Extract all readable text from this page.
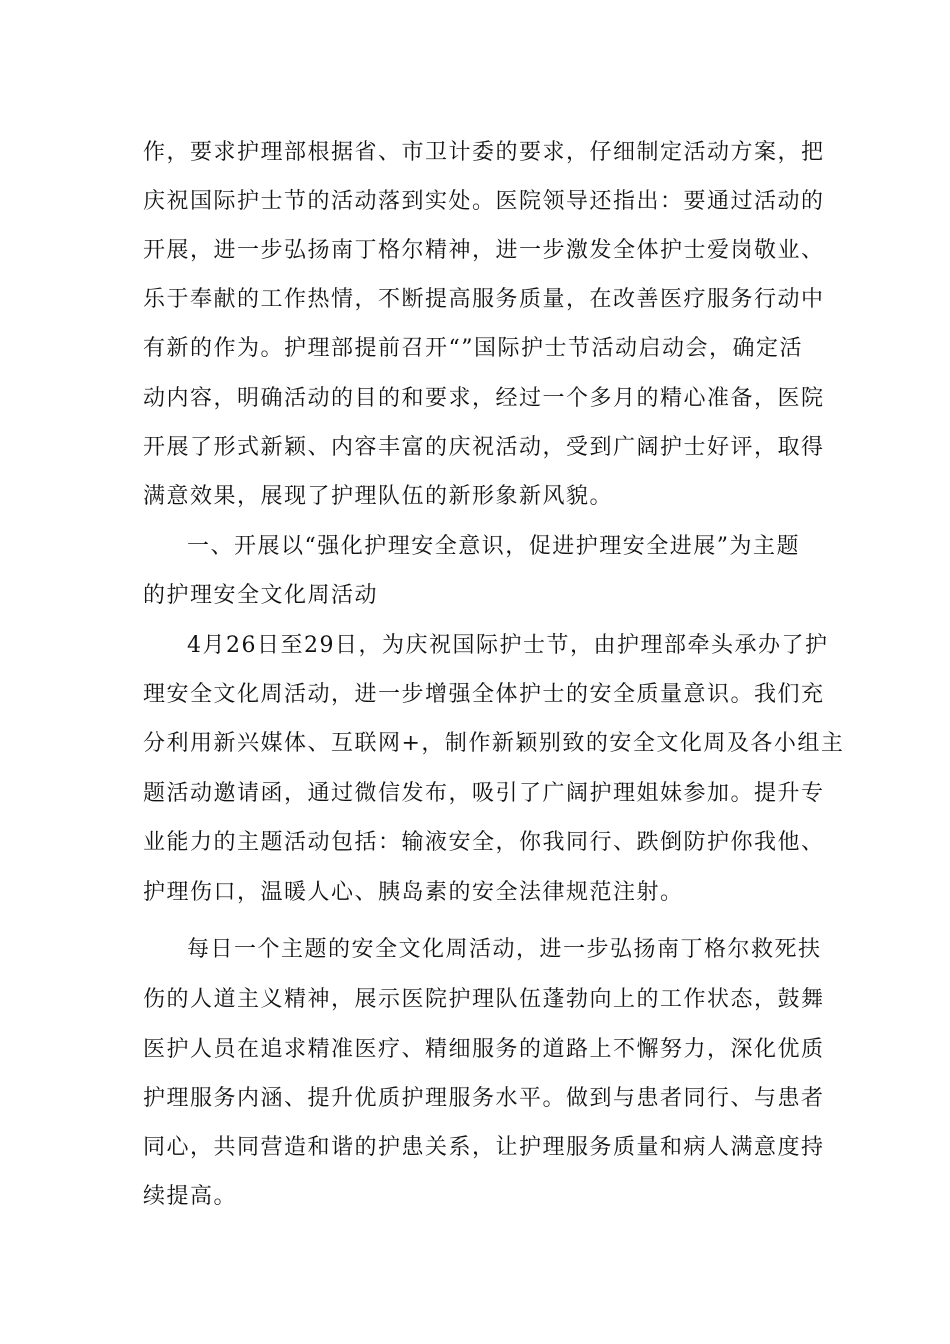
作，要求护理部根据省、市卫计委的要求，仔细制定活动方案，把
庆祝国际护士节的活动落到实处。医院领导还指出：要通过活动的
开展，进一步弘扬南丁格尔精神，进一步激发全体护士爱岗敬业、
乐于奉献的工作热情，不断提高服务质量，在改善医疗服务行动中
有新的作为。护理部提前召开“”国际护士节活动启动会，确定活
动内容，明确活动的目的和要求，经过一个多月的精心准备，医院
开展了形式新颖、内容丰富的庆祝活动，受到广阔护士好评，取得
满意效果，展现了护理队伍的新形象新风貌。
一、开展以“强化护理安全意识，促进护理安全进展”为主题
的护理安全文化周活动
4月26日至29日，为庆祝国际护士节，由护理部牵头承办了护
理安全文化周活动，进一步增强全体护士的安全质量意识。我们充
分利用新兴媒体、互联网+，制作新颖别致的安全文化周及各小组主
题活动邀请函，通过微信发布，吸引了广阔护理姐妹参加。提升专
业能力的主题活动包括：输液安全，你我同行、跌倒防护你我他、
护理伤口，温暖人心、胰岛素的安全法律规范注射。
每日一个主题的安全文化周活动，进一步弘扬南丁格尔救死扶
伤的人道主义精神，展示医院护理队伍蓬勃向上的工作状态，鼓舞
医护人员在追求精准医疗、精细服务的道路上不懈努力，深化优质
护理服务内涵、提升优质护理服务水平。做到与患者同行、与患者
同心，共同营造和谐的护患关系，让护理服务质量和病人满意度持
续提高。
